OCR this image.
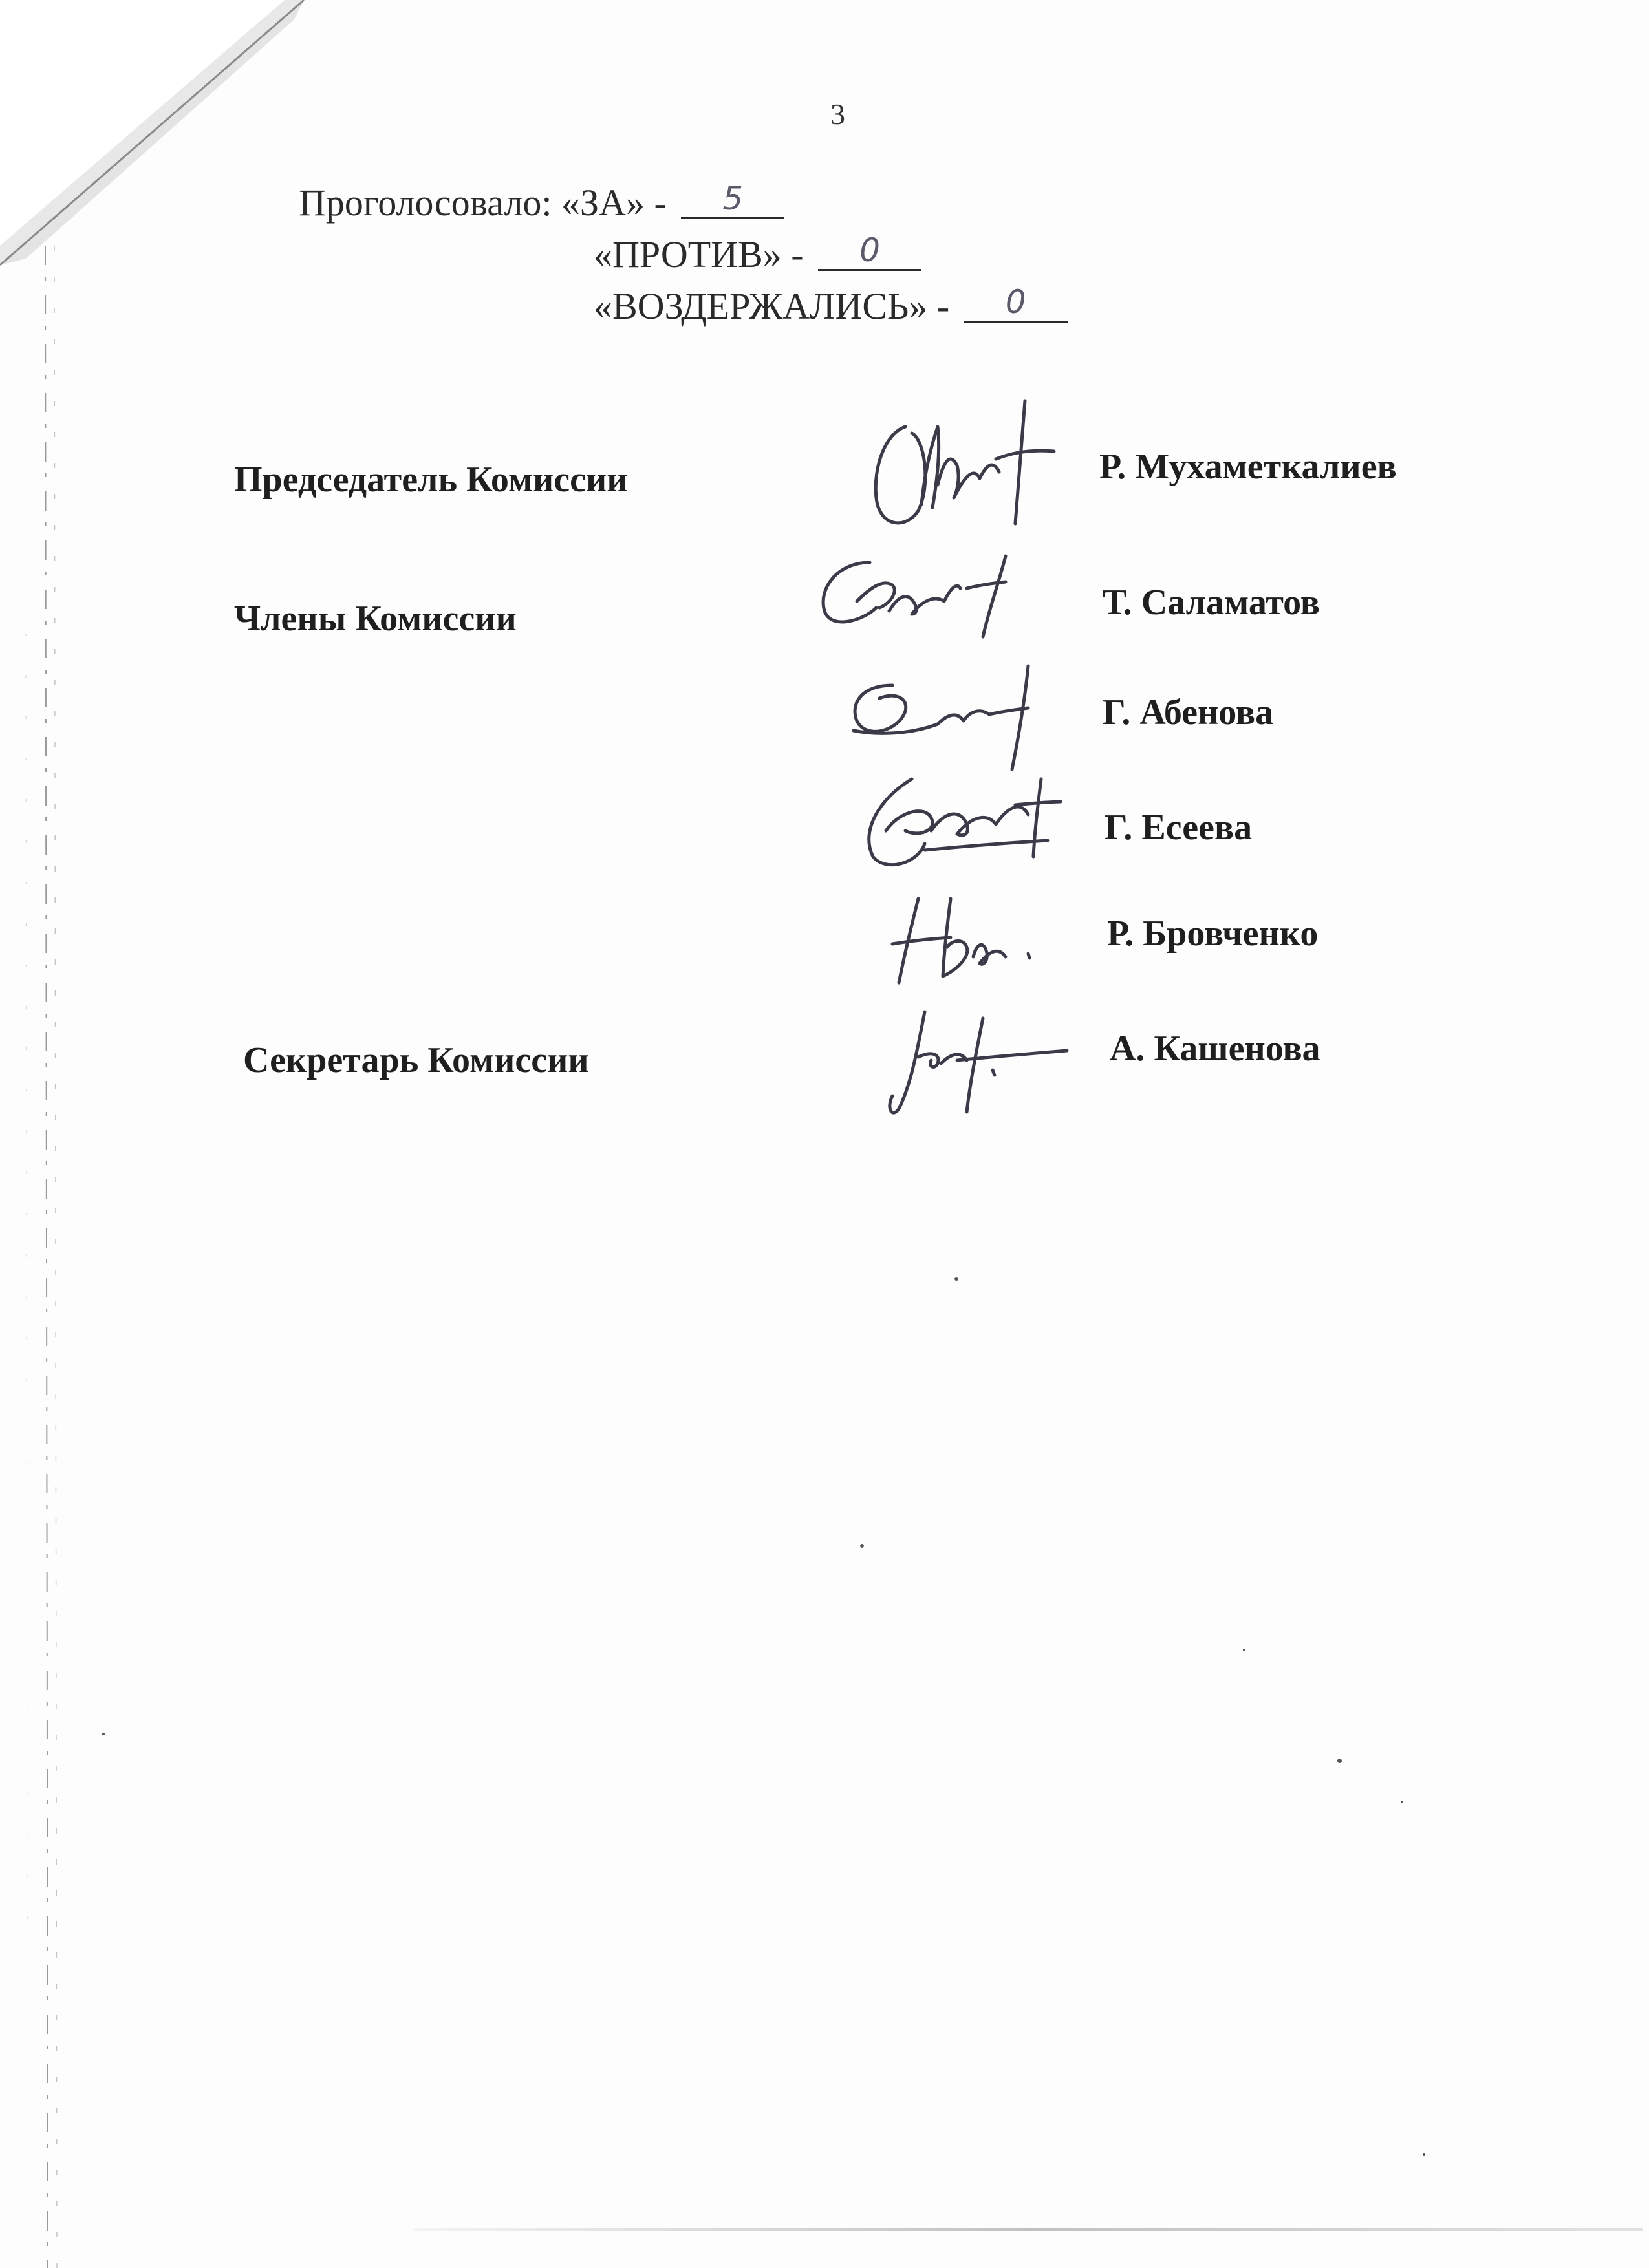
3
Проголосовало: «ЗА» - 5
«ПРОТИВ» - 0
«ВОЗДЕРЖАЛИСЬ» - 0
Председатель Комиссии	Р. Мухаметкалиев
Члены Комиссии	Т. Саламатов
Г. Абенова
Г. Есеева
Р. Бровченко
Секретарь Комиссии	А. Кашенова
